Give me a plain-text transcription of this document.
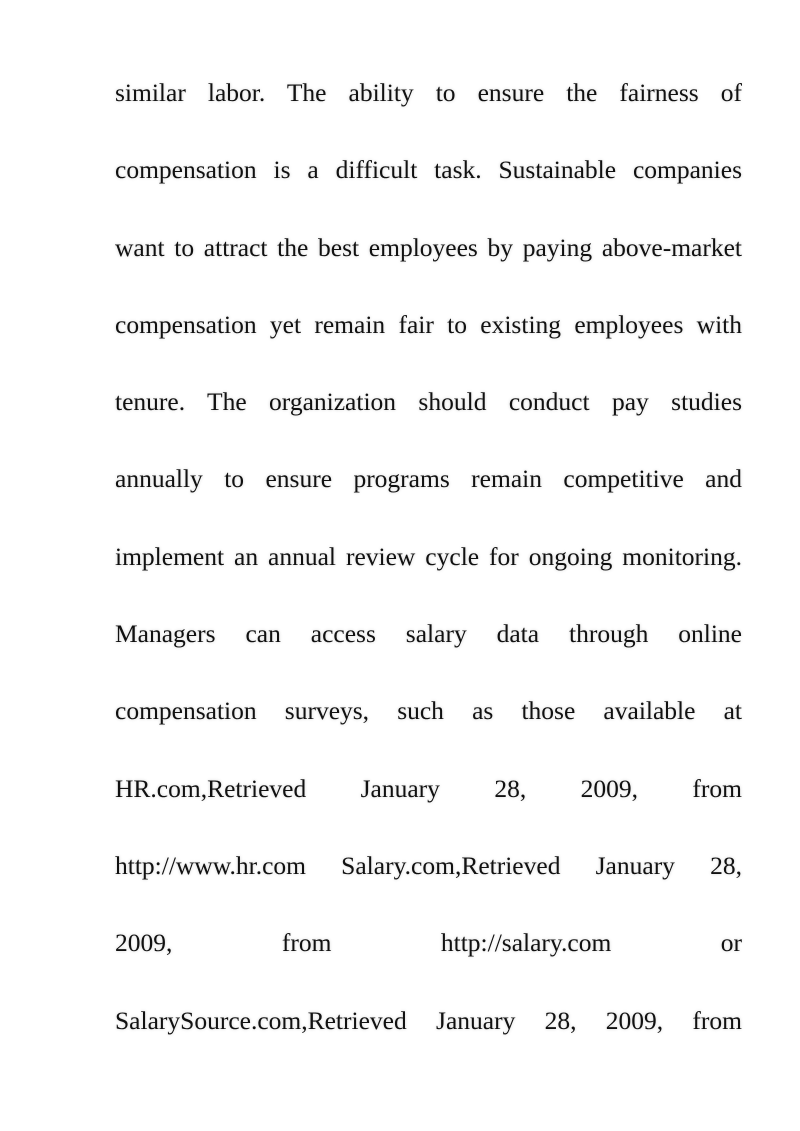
similar labor. The ability to ensure the fairness of
compensation is a difficult task. Sustainable companies
want to attract the best employees by paying above-market
compensation yet remain fair to existing employees with
tenure. The organization should conduct pay studies
annually to ensure programs remain competitive and
implement an annual review cycle for ongoing monitoring.
Managers can access salary data through online
compensation surveys, such as those available at
HR.com,Retrieved January 28, 2009, from
http://www.hr.com Salary.com,Retrieved January 28,
2009, from http://salary.com or
SalarySource.com,Retrieved January 28, 2009, from
